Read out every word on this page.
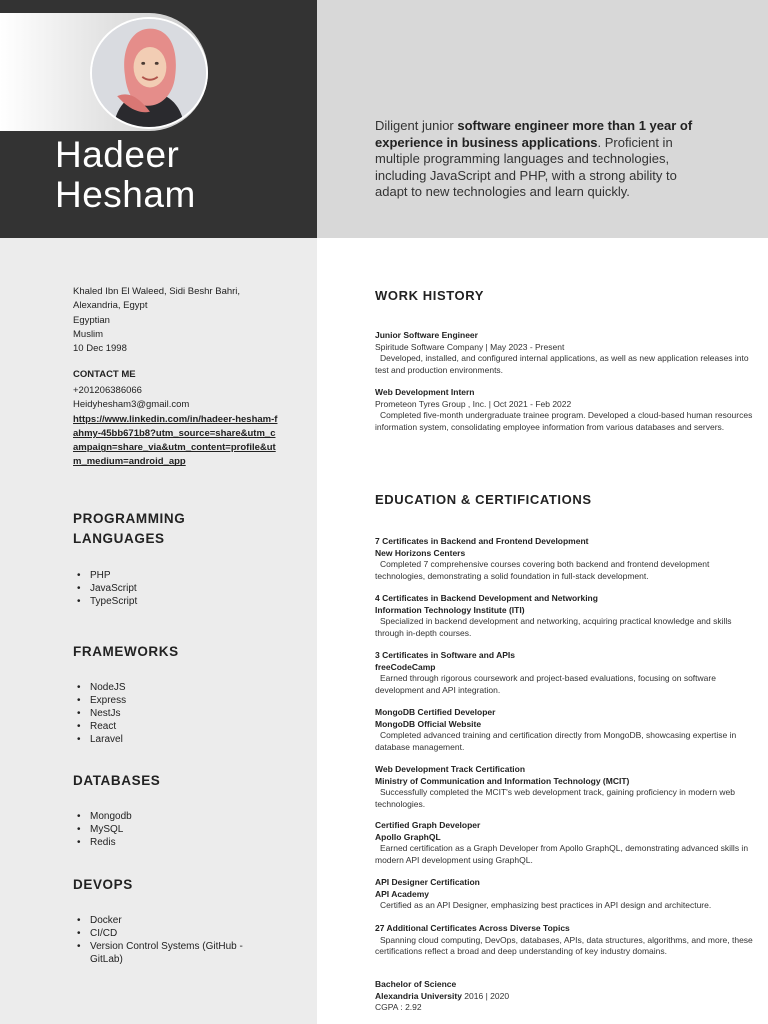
Hadeer
Hesham
Diligent junior software engineer more than 1 year of experience in business applications. Proficient in multiple programming languages and technologies, including JavaScript and PHP, with a strong ability to adapt to new technologies and learn quickly.
Khaled Ibn El Waleed, Sidi Beshr Bahri,
Alexandria, Egypt
Egyptian
Muslim
10 Dec 1998
CONTACT ME
+201206386066
Heidyhesham3@gmail.com
https://www.linkedin.com/in/hadeer-hesham-fahmy-45bb671b8?utm_source=share&utm_campaign=share_via&utm_content=profile&utm_medium=android_app
PROGRAMMING
LANGUAGES
• PHP
• JavaScript
• TypeScript
FRAMEWORKS
• NodeJS
• Express
• NestJs
• React
• Laravel
DATABASES
• Mongodb
• MySQL
• Redis
DEVOPS
• Docker
• CI/CD
• Version Control Systems (GitHub - GitLab)
WORK HISTORY
Junior Software Engineer
Spiritude Software Company | May 2023 - Present
Developed, installed, and configured internal applications, as well as new application releases into test and production environments.
Web Development Intern
Prometeon Tyres Group , Inc. | Oct 2021 - Feb 2022
Completed five-month undergraduate trainee program. Developed a cloud-based human resources information system, consolidating employee information from various databases and servers.
EDUCATION & CERTIFICATIONS
7 Certificates in Backend and Frontend Development
New Horizons Centers
Completed 7 comprehensive courses covering both backend and frontend development technologies, demonstrating a solid foundation in full-stack development.
4 Certificates in Backend Development and Networking
Information Technology Institute (ITI)
Specialized in backend development and networking, acquiring practical knowledge and skills through in-depth courses.
3 Certificates in Software and APIs
freeCodeCamp
Earned through rigorous coursework and project-based evaluations, focusing on software development and API integration.
MongoDB Certified Developer
MongoDB Official Website
Completed advanced training and certification directly from MongoDB, showcasing expertise in database management.
Web Development Track Certification
Ministry of Communication and Information Technology (MCIT)
Successfully completed the MCIT's web development track, gaining proficiency in modern web technologies.
Certified Graph Developer
Apollo GraphQL
Earned certification as a Graph Developer from Apollo GraphQL, demonstrating advanced skills in modern API development using GraphQL.
API Designer Certification
API Academy
Certified as an API Designer, emphasizing best practices in API design and architecture.
27 Additional Certificates Across Diverse Topics
Spanning cloud computing, DevOps, databases, APIs, data structures, algorithms, and more, these certifications reflect a broad and deep understanding of key industry domains.
Bachelor of Science
Alexandria University 2016 | 2020
CGPA : 2.92
